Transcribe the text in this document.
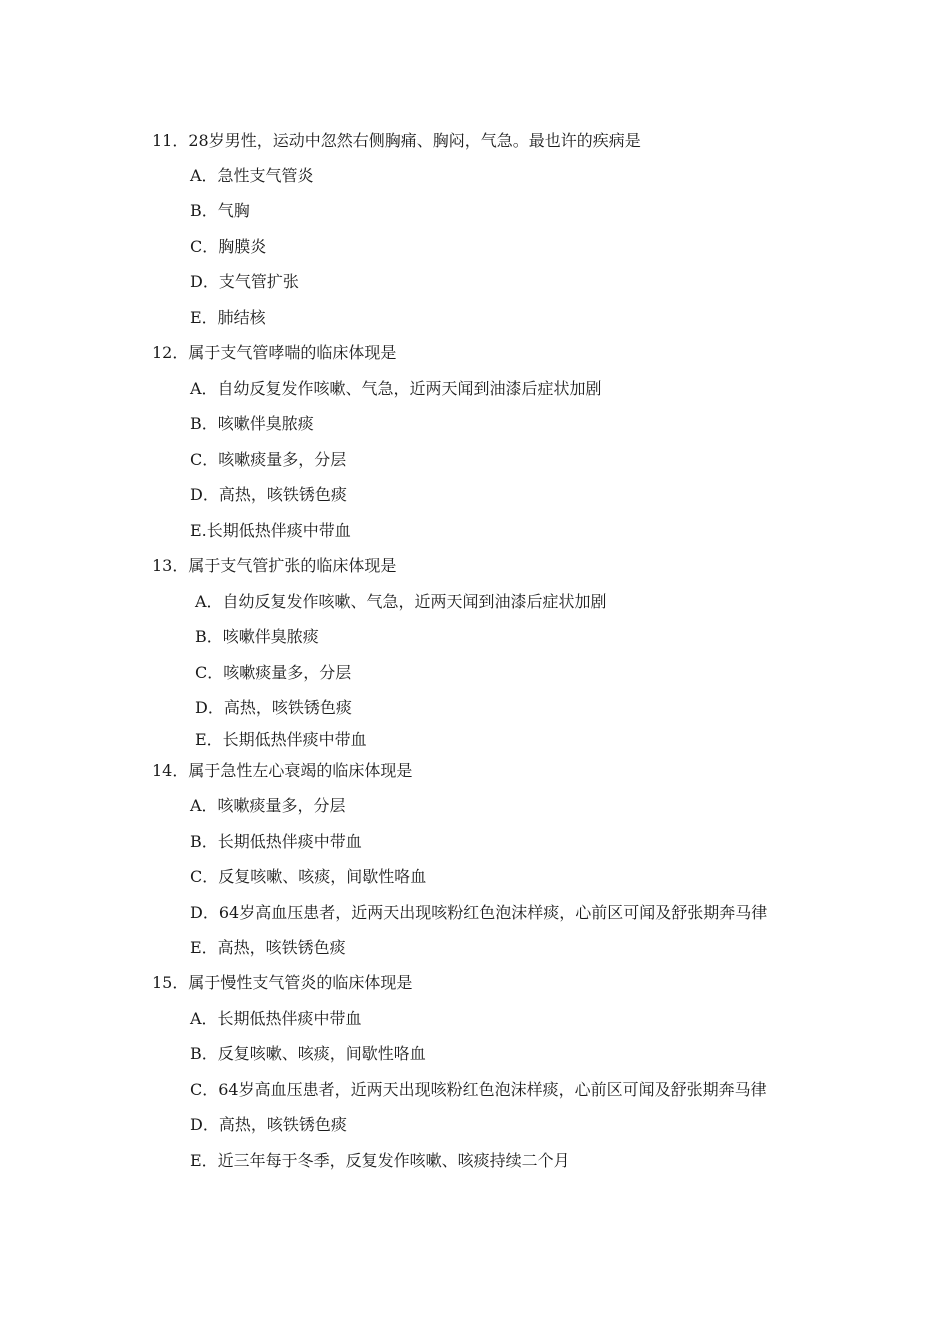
11．28岁男性，运动中忽然右侧胸痛、胸闷，气急。最也许的疾病是
A．急性支气管炎
B．气胸
C．胸膜炎
D．支气管扩张
E．肺结核
12．属于支气管哮喘的临床体现是
A．自幼反复发作咳嗽、气急，近两天闻到油漆后症状加剧
B．咳嗽伴臭脓痰
C．咳嗽痰量多，分层
D．高热，咳铁锈色痰
E.长期低热伴痰中带血
13．属于支气管扩张的临床体现是
A．自幼反复发作咳嗽、气急，近两天闻到油漆后症状加剧
B．咳嗽伴臭脓痰
C．咳嗽痰量多，分层
D．高热，咳铁锈色痰
E．长期低热伴痰中带血
14．属于急性左心衰竭的临床体现是
A．咳嗽痰量多，分层
B．长期低热伴痰中带血
C．反复咳嗽、咳痰，间歇性咯血
D．64岁高血压患者，近两天出现咳粉红色泡沫样痰，心前区可闻及舒张期奔马律
E．高热，咳铁锈色痰
15．属于慢性支气管炎的临床体现是
A．长期低热伴痰中带血
B．反复咳嗽、咳痰，间歇性咯血
C．64岁高血压患者，近两天出现咳粉红色泡沫样痰，心前区可闻及舒张期奔马律
D．高热，咳铁锈色痰
E．近三年每于冬季，反复发作咳嗽、咳痰持续二个月
